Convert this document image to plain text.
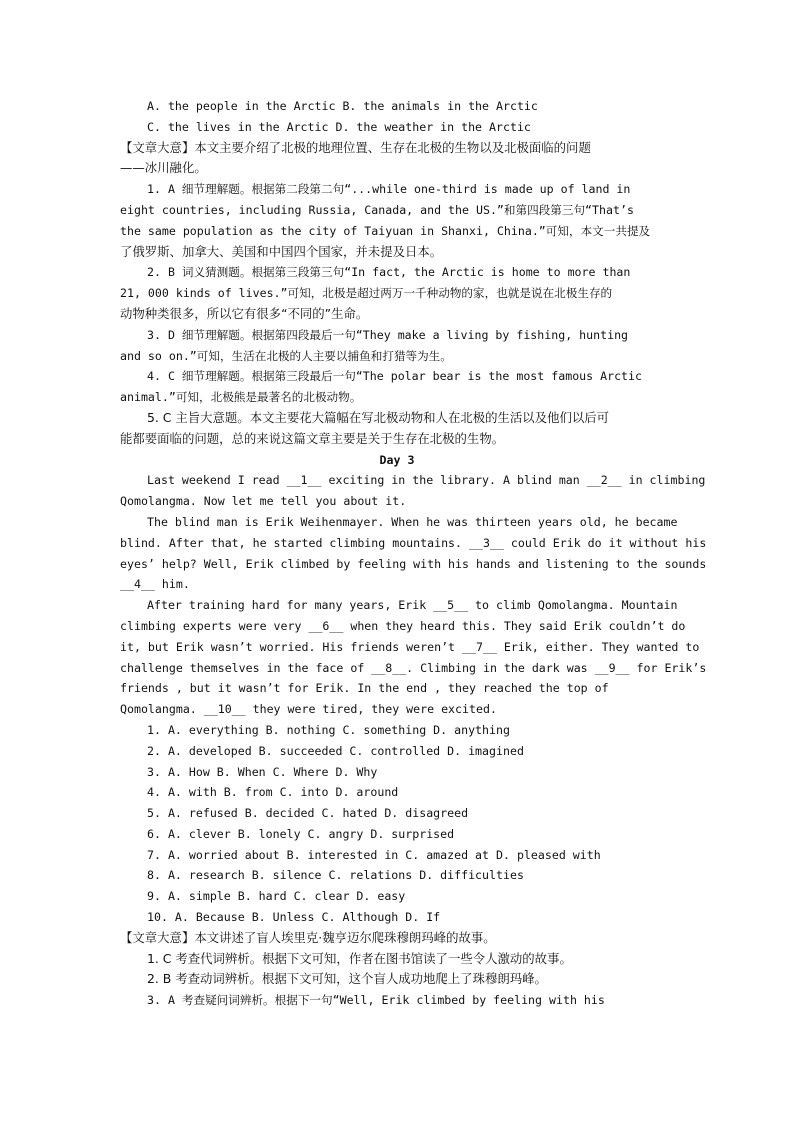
A. the people in the Arctic B. the animals in the Arctic
C. the lives in the Arctic D. the weather in the Arctic
【文章大意】本文主要介绍了北极的地理位置、生存在北极的生物以及北极面临的问题
——冰川融化。
1. A 细节理解题。根据第二段第二句“...while one-third is made up of land in
eight countries, including Russia, Canada, and the US.”和第四段第三句“That’s
the same population as the city of Taiyuan in Shanxi, China.”可知，本文一共提及
了俄罗斯、加拿大、美国和中国四个国家，并未提及日本。
2. B 词义猜测题。根据第三段第三句“In fact, the Arctic is home to more than
21, 000 kinds of lives.”可知，北极是超过两万一千种动物的家，也就是说在北极生存的
动物种类很多，所以它有很多“不同的”生命。
3. D 细节理解题。根据第四段最后一句“They make a living by fishing, hunting
and so on.”可知，生活在北极的人主要以捕鱼和打猎等为生。
4. C 细节理解题。根据第三段最后一句“The polar bear is the most famous Arctic
animal.”可知，北极熊是最著名的北极动物。
5. C 主旨大意题。本文主要花大篇幅在写北极动物和人在北极的生活以及他们以后可
能都要面临的问题，总的来说这篇文章主要是关于生存在北极的生物。
Day 3
Last weekend I read __1__ exciting in the library. A blind man __2__ in climbing
Qomolangma. Now let me tell you about it.
The blind man is Erik Weihenmayer. When he was thirteen years old, he became
blind. After that, he started climbing mountains. __3__ could Erik do it without his
eyes’ help? Well, Erik climbed by feeling with his hands and listening to the sounds
__4__ him.
After training hard for many years, Erik __5__ to climb Qomolangma. Mountain
climbing experts were very __6__ when they heard this. They said Erik couldn’t do
it, but Erik wasn’t worried. His friends weren’t __7__ Erik, either. They wanted to
challenge themselves in the face of __8__. Climbing in the dark was __9__ for Erik’s
friends , but it wasn’t for Erik. In the end , they reached the top of
Qomolangma. __10__ they were tired, they were excited.
1. A. everything B. nothing C. something D. anything
2. A. developed B. succeeded C. controlled D. imagined
3. A. How B. When C. Where D. Why
4. A. with B. from C. into D. around
5. A. refused B. decided C. hated D. disagreed
6. A. clever B. lonely C. angry D. surprised
7. A. worried about B. interested in C. amazed at D. pleased with
8. A. research B. silence C. relations D. difficulties
9. A. simple B. hard C. clear D. easy
10. A. Because B. Unless C. Although D. If
【文章大意】本文讲述了盲人埃里克·魏亨迈尔爬珠穆朗玛峰的故事。
1. C 考查代词辨析。根据下文可知，作者在图书馆读了一些令人激动的故事。
2. B 考查动词辨析。根据下文可知，这个盲人成功地爬上了珠穆朗玛峰。
3. A 考查疑问词辨析。根据下一句“Well, Erik climbed by feeling with his
